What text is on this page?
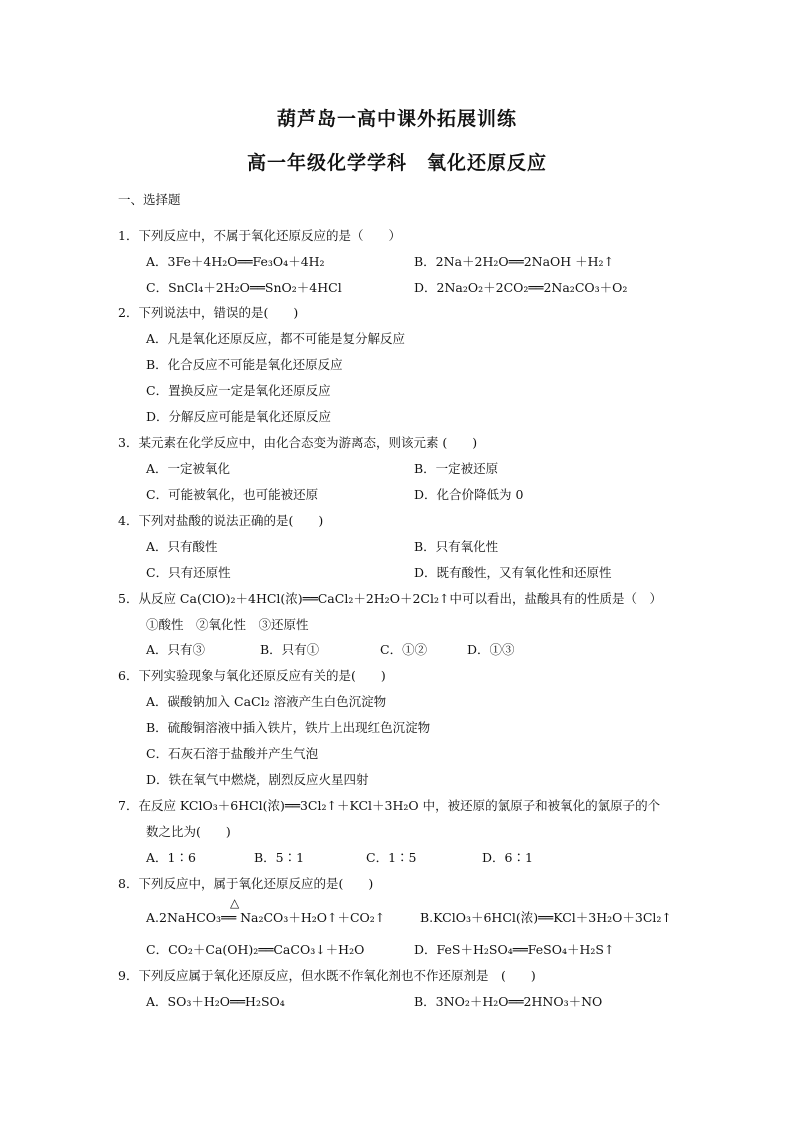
葫芦岛一高中课外拓展训练
高一年级化学学科　氧化还原反应
一、选择题
1．下列反应中，不属于氧化还原反应的是（　　）
A．3Fe＋4H₂O══Fe₃O₄＋4H₂	B．2Na＋2H₂O══2NaOH ＋H₂↑
C．SnCl₄＋2H₂O══SnO₂＋4HCl	D．2Na₂O₂＋2CO₂══2Na₂CO₃＋O₂
2．下列说法中，错误的是(　　)
A．凡是氧化还原反应，都不可能是复分解反应
B．化合反应不可能是氧化还原反应
C．置换反应一定是氧化还原反应
D．分解反应可能是氧化还原反应
3．某元素在化学反应中，由化合态变为游离态，则该元素 (　　)
A．一定被氧化	B．一定被还原
C．可能被氧化，也可能被还原	D．化合价降低为 0
4．下列对盐酸的说法正确的是(　　)
A．只有酸性	B．只有氧化性
C．只有还原性	D．既有酸性，又有氧化性和还原性
5．从反应 Ca(ClO)₂＋4HCl(浓)══CaCl₂＋2H₂O＋2Cl₂↑中可以看出，盐酸具有的性质是（　）
①酸性　②氧化性　③还原性
A．只有③	B．只有①	C．①②	D．①③
6．下列实验现象与氧化还原反应有关的是(　　)
A．碳酸钠加入 CaCl₂ 溶液产生白色沉淀物
B．硫酸铜溶液中插入铁片，铁片上出现红色沉淀物
C．石灰石溶于盐酸并产生气泡
D．铁在氧气中燃烧，剧烈反应火星四射
7．在反应 KClO₃＋6HCl(浓)══3Cl₂↑＋KCl＋3H₂O 中，被还原的氯原子和被氧化的氯原子的个
数之比为(　　)
A．1∶6	B．5∶1	C．1∶5	D．6∶1
8．下列反应中，属于氧化还原反应的是(　　)
△
A.2NaHCO₃══ Na₂CO₃＋H₂O↑＋CO₂↑	B.KClO₃＋6HCl(浓)══KCl＋3H₂O＋3Cl₂↑
C．CO₂＋Ca(OH)₂══CaCO₃↓＋H₂O	D．FeS＋H₂SO₄══FeSO₄＋H₂S↑
9．下列反应属于氧化还原反应，但水既不作氧化剂也不作还原剂是　(　　)
A．SO₃＋H₂O══H₂SO₄	B．3NO₂＋H₂O══2HNO₃＋NO
